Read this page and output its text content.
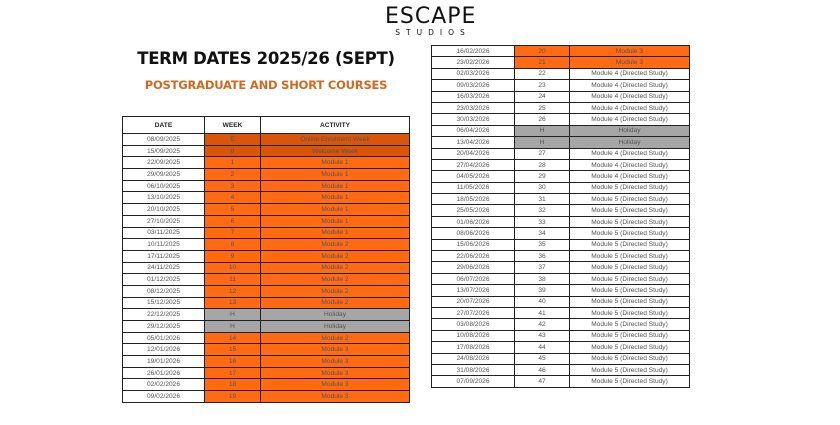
ESCAPE
STUDIOS
TERM DATES 2025/26 (SEPT)
POSTGRADUATE AND SHORT COURSES
DATE	WEEK	ACTIVITY
08/09/2025	E	Online Enrolment Week
15/09/2025	0	Welcome Week
22/09/2025	1	Module 1
29/09/2025	2	Module 1
06/10/2025	3	Module 1
13/10/2025	4	Module 1
20/10/2025	5	Module 1
27/10/2025	6	Module 1
03/11/2025	7	Module 1
10/11/2025	8	Module 2
17/11/2025	9	Module 2
24/11/2025	10	Module 2
01/12/2025	11	Module 2
08/12/2025	12	Module 2
15/12/2025	13	Module 2
22/12/2025	H	Holiday
29/12/2025	H	Holiday
05/01/2026	14	Module 2
12/01/2026	15	Module 3
19/01/2026	16	Module 3
26/01/2026	17	Module 3
02/02/2026	18	Module 3
09/02/2026	19	Module 3
16/02/2026	20	Module 3
23/02/2026	21	Module 3
02/03/2026	22	Module 4 (Directed Study)
09/03/2026	23	Module 4 (Directed Study)
16/03/2026	24	Module 4 (Directed Study)
23/03/2026	25	Module 4 (Directed Study)
30/03/2026	26	Module 4 (Directed Study)
06/04/2026	H	Holiday
13/04/2026	H	Holiday
20/04/2026	27	Module 4 (Directed Study)
27/04/2026	28	Module 4 (Directed Study)
04/05/2026	29	Module 4 (Directed Study)
11/05/2026	30	Module 5 (Directed Study)
18/05/2026	31	Module 5 (Directed Study)
25/05/2026	32	Module 5 (Directed Study)
01/06/2026	33	Module 5 (Directed Study)
08/06/2026	34	Module 5 (Directed Study)
15/06/2026	35	Module 5 (Directed Study)
22/06/2026	36	Module 5 (Directed Study)
29/06/2026	37	Module 5 (Directed Study)
06/07/2026	38	Module 5 (Directed Study)
13/07/2026	39	Module 5 (Directed Study)
20/07/2026	40	Module 5 (Directed Study)
27/07/2026	41	Module 5 (Directed Study)
03/08/2026	42	Module 5 (Directed Study)
10/08/2026	43	Module 5 (Directed Study)
17/08/2026	44	Module 5 (Directed Study)
24/08/2026	45	Module 5 (Directed Study)
31/08/2026	46	Module 5 (Directed Study)
07/09/2026	47	Module 5 (Directed Study)
